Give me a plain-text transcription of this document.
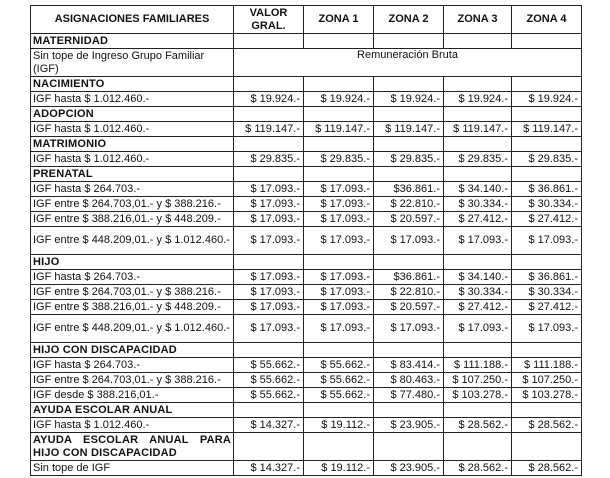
ASIGNACIONES FAMILIARES	VALOR GRAL.	ZONA 1	ZONA 2	ZONA 3	ZONA 4
MATERNIDAD					
Sin tope de Ingreso Grupo Familiar (IGF)	Remuneración Bruta				
NACIMIENTO					
IGF hasta $ 1.012.460.-	$ 19.924.-	$ 19.924.-	$ 19.924.-	$ 19.924.-	$ 19.924.-
ADOPCION					
IGF hasta $ 1.012.460.-	$ 119.147.-	$ 119.147.-	$ 119.147.-	$ 119.147.-	$ 119.147.-
MATRIMONIO					
IGF hasta $ 1.012.460.-	$ 29.835.-	$ 29.835.-	$ 29.835.-	$ 29.835.-	$ 29.835.-
PRENATAL					
IGF hasta $ 264.703.-	$ 17.093.-	$ 17.093.-	$36.861.-	$ 34.140.-	$ 36.861.-
IGF entre $ 264.703,01.- y $ 388.216.-	$ 17.093.-	$ 17.093.-	$ 22.810.-	$ 30.334.-	$ 30.334.-
IGF entre $ 388.216,01.- y $ 448.209.-	$ 17.093.-	$ 17.093.-	$ 20.597.-	$ 27.412.-	$ 27.412.-
IGF entre $ 448.209,01.- y $ 1.012.460.-	$ 17.093.-	$ 17.093.-	$ 17.093.-	$ 17.093.-	$ 17.093.-
HIJO					
IGF hasta $ 264.703.-	$ 17.093.-	$ 17.093.-	$36.861.-	$ 34.140.-	$ 36.861.-
IGF entre $ 264.703,01.- y $ 388.216.-	$ 17.093.-	$ 17.093.-	$ 22.810.-	$ 30.334.-	$ 30.334.-
IGF entre $ 388.216,01.- y $ 448.209.-	$ 17.093.-	$ 17.093.-	$ 20.597.-	$ 27.412.-	$ 27.412.-
IGF entre $ 448.209,01.- y $ 1.012.460.-	$ 17.093.-	$ 17.093.-	$ 17.093.-	$ 17.093.-	$ 17.093.-
HIJO CON DISCAPACIDAD					
IGF hasta $ 264.703.-	$ 55.662.-	$ 55.662.-	$ 83.414.-	$ 111.188.-	$ 111.188.-
IGF entre $ 264.703,01.- y $ 388.216.-	$ 55.662.-	$ 55.662.-	$ 80.463.-	$ 107.250.-	$ 107.250.-
IGF desde $ 388.216,01.-	$ 55.662.-	$ 55.662.-	$ 77.480.-	$ 103.278.-	$ 103.278.-
AYUDA ESCOLAR ANUAL					
IGF hasta $ 1.012.460.-	$ 14.327.-	$ 19.112.-	$ 23.905.-	$ 28.562.-	$ 28.562.-
AYUDA ESCOLAR ANUAL PARA HIJO CON DISCAPACIDAD					
Sin tope de IGF	$ 14.327.-	$ 19.112.-	$ 23.905.-	$ 28.562.-	$ 28.562.-
